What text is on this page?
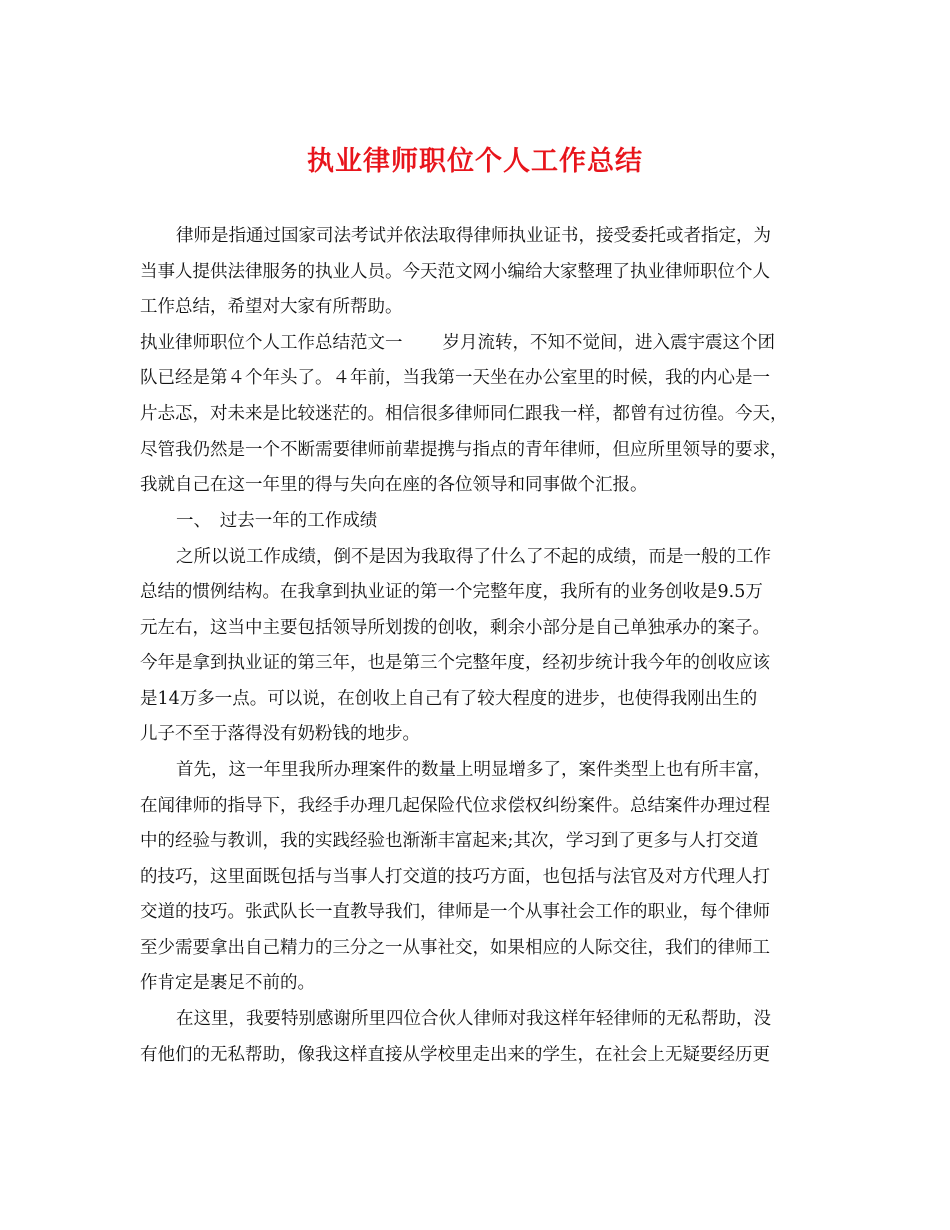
执业律师职位个人工作总结
律师是指通过国家司法考试并依法取得律师执业证书，接受委托或者指定，为
当事人提供法律服务的执业人员。今天范文网小编给大家整理了执业律师职位个人
工作总结，希望对大家有所帮助。
执业律师职位个人工作总结范文一 岁月流转，不知不觉间，进入震宇震这个团
队已经是第４个年头了。４年前，当我第一天坐在办公室里的时候，我的内心是一
片忐忑，对未来是比较迷茫的。相信很多律师同仁跟我一样，都曾有过彷徨。今天，
尽管我仍然是一个不断需要律师前辈提携与指点的青年律师，但应所里领导的要求，
我就自己在这一年里的得与失向在座的各位领导和同事做个汇报。
一、　过去一年的工作成绩
之所以说工作成绩，倒不是因为我取得了什么了不起的成绩，而是一般的工作
总结的惯例结构。在我拿到执业证的第一个完整年度，我所有的业务创收是9.5万
元左右，这当中主要包括领导所划拨的创收，剩余小部分是自己单独承办的案子。
今年是拿到执业证的第三年，也是第三个完整年度，经初步统计我今年的创收应该
是14万多一点。可以说，在创收上自己有了较大程度的进步，也使得我刚出生的
儿子不至于落得没有奶粉钱的地步。
首先，这一年里我所办理案件的数量上明显增多了，案件类型上也有所丰富，
在闻律师的指导下，我经手办理几起保险代位求偿权纠纷案件。总结案件办理过程
中的经验与教训，我的实践经验也渐渐丰富起来;其次，学习到了更多与人打交道
的技巧，这里面既包括与当事人打交道的技巧方面，也包括与法官及对方代理人打
交道的技巧。张武队长一直教导我们，律师是一个从事社会工作的职业，每个律师
至少需要拿出自己精力的三分之一从事社交，如果相应的人际交往，我们的律师工
作肯定是裹足不前的。
在这里，我要特别感谢所里四位合伙人律师对我这样年轻律师的无私帮助，没
有他们的无私帮助，像我这样直接从学校里走出来的学生，在社会上无疑要经历更
